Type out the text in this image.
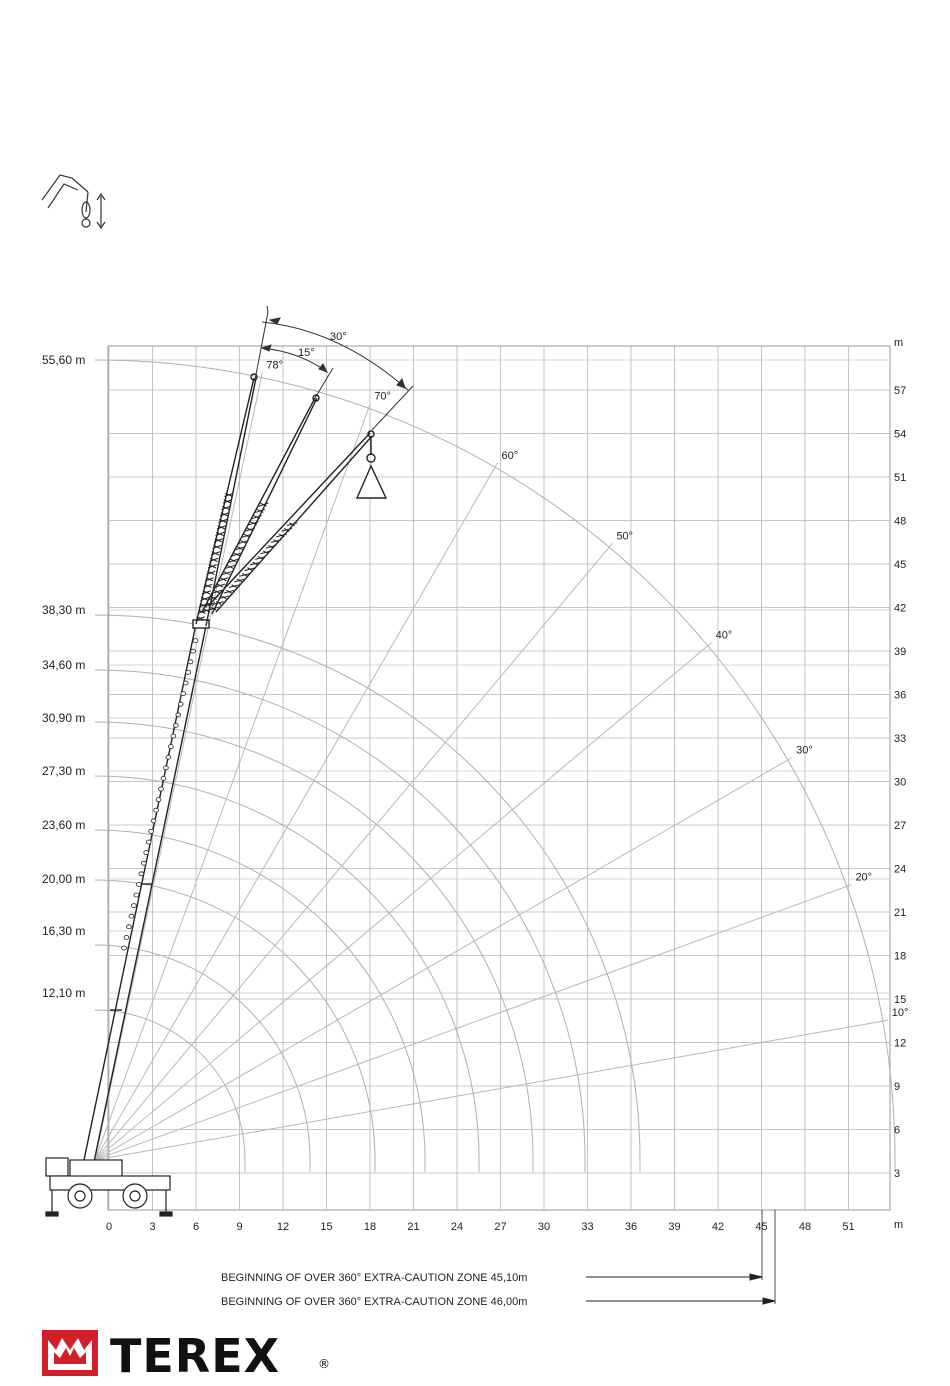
55,60 m
38,30 m
34,60 m
30,90 m
27,30 m
23,60 m
20,00 m
16,30 m
12,10 m
0	3	6	9	12	15	18	21	24	27	30	33	36	39	42	45	48	51
3
6
9
12
15
18
21
24
27
30
33
36
39
42
45
48
51
54
57
78°
70°
60°
50°
40°
30°
20°
10°
m
m
30°
15°
BEGINNING OF OVER 360° EXTRA-CAUTION ZONE 45,10m
BEGINNING OF OVER 360° EXTRA-CAUTION ZONE 46,00m
TEREX	®
